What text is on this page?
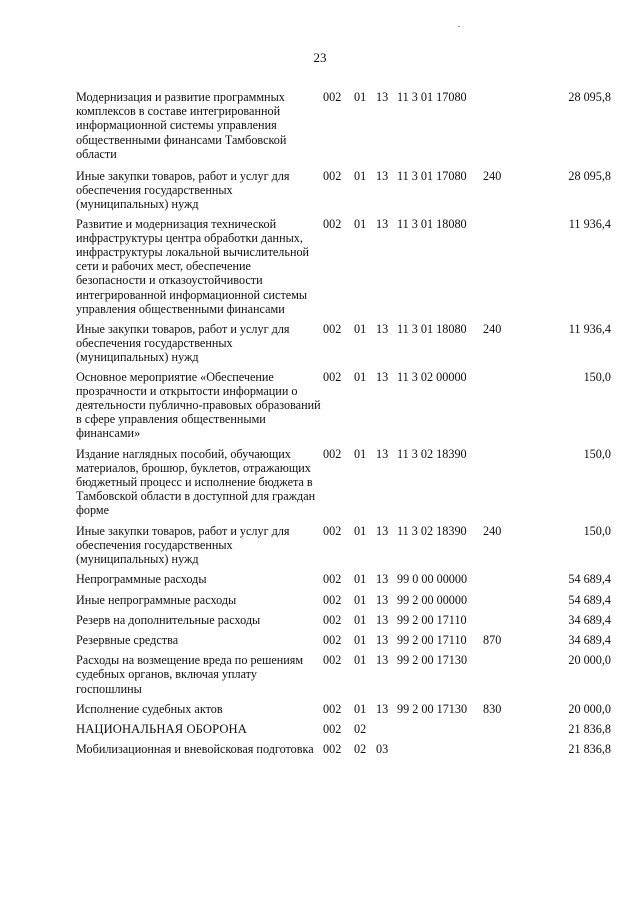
23
Модернизация и развитие программных комплексов в составе интегрированной информационной системы управления общественными финансами Тамбовской области	002	01	13	11 3 01 17080		28 095,8
Иные закупки товаров, работ и услуг для обеспечения государственных (муниципальных) нужд	002	01	13	11 3 01 17080	240	28 095,8
Развитие и модернизация технической инфраструктуры центра обработки данных, инфраструктуры локальной вычислительной сети и рабочих мест, обеспечение безопасности и отказоустойчивости интегрированной информационной системы управления общественными финансами	002	01	13	11 3 01 18080		11 936,4
Иные закупки товаров, работ и услуг для обеспечения государственных (муниципальных) нужд	002	01	13	11 3 01 18080	240	11 936,4
Основное мероприятие «Обеспечение прозрачности и открытости информации о деятельности публично-правовых образований в сфере управления общественными финансами»	002	01	13	11 3 02 00000		150,0
Издание наглядных пособий, обучающих материалов, брошюр, буклетов, отражающих бюджетный процесс и исполнение бюджета в Тамбовской области в доступной для граждан форме	002	01	13	11 3 02 18390		150,0
Иные закупки товаров, работ и услуг для обеспечения государственных (муниципальных) нужд	002	01	13	11 3 02 18390	240	150,0
Непрограммные расходы	002	01	13	99 0 00 00000		54 689,4
Иные непрограммные расходы	002	01	13	99 2 00 00000		54 689,4
Резерв на дополнительные расходы	002	01	13	99 2 00 17110		34 689,4
Резервные средства	002	01	13	99 2 00 17110	870	34 689,4
Расходы на возмещение вреда по решениям судебных органов, включая уплату госпошлины	002	01	13	99 2 00 17130		20 000,0
Исполнение судебных актов	002	01	13	99 2 00 17130	830	20 000,0
НАЦИОНАЛЬНАЯ ОБОРОНА	002	02				21 836,8
Мобилизационная и вневойсковая подготовка	002	02	03			21 836,8
